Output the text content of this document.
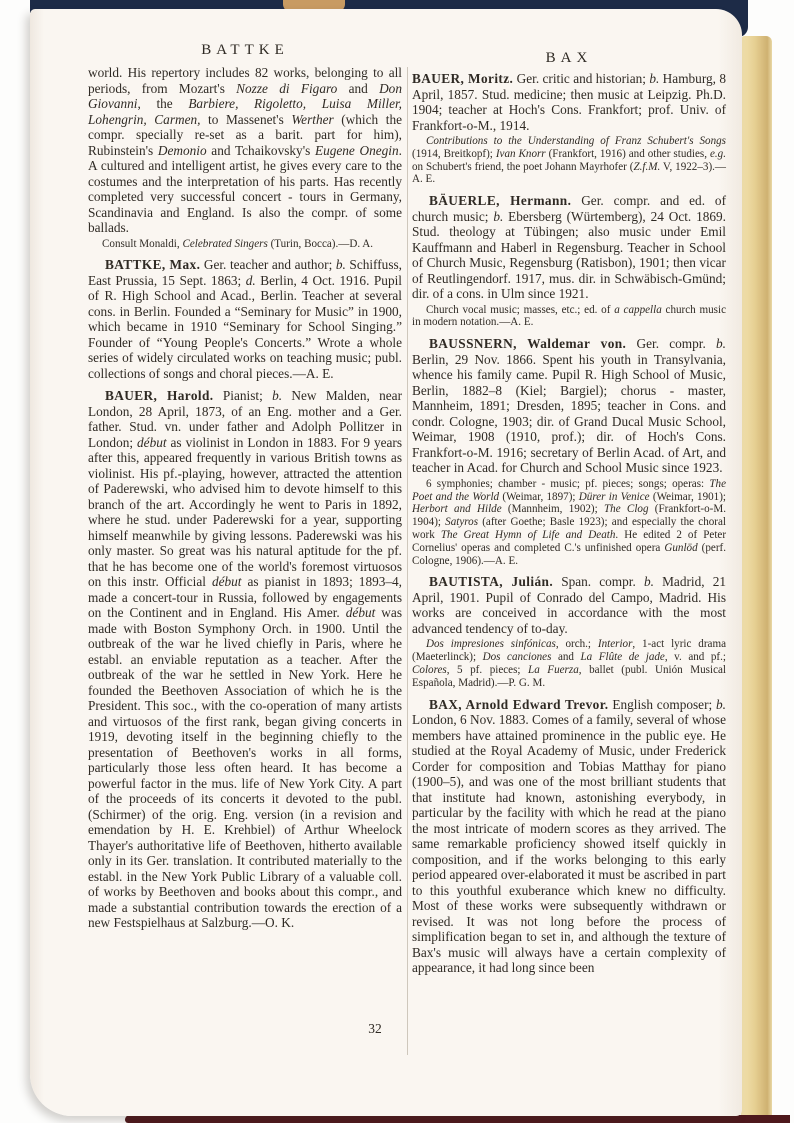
BATTKE	BAX

world. His repertory includes 82 works, belonging to all periods, from Mozart's Nozze di Figaro and Don Giovanni, the Barbiere, Rigoletto, Luisa Miller, Lohengrin, Carmen, to Massenet's Werther (which the compr. specially re-set as a barit. part for him), Rubinstein's Demonio and Tchaikovsky's Eugene Onegin. A cultured and intelligent artist, he gives every care to the costumes and the interpretation of his parts. Has recently completed very successful concert - tours in Germany, Scandinavia and England. Is also the compr. of some ballads.

Consult Monaldi, Celebrated Singers (Turin, Bocca).—D. A.

BATTKE, Max. Ger. teacher and author; b. Schiffuss, East Prussia, 15 Sept. 1863; d. Berlin, 4 Oct. 1916. Pupil of R. High School and Acad., Berlin. Teacher at several cons. in Berlin. Founded a “Seminary for Music” in 1900, which became in 1910 “Seminary for School Singing.” Founder of “Young People's Concerts.” Wrote a whole series of widely circulated works on teaching music; publ. collections of songs and choral pieces.—A. E.

BAUER, Harold. Pianist; b. New Malden, near London, 28 April, 1873, of an Eng. mother and a Ger. father. Stud. vn. under father and Adolph Pollitzer in London; début as violinist in London in 1883. For 9 years after this, appeared frequently in various British towns as violinist. His pf.-playing, however, attracted the attention of Paderewski, who advised him to devote himself to this branch of the art. Accordingly he went to Paris in 1892, where he stud. under Paderewski for a year, supporting himself meanwhile by giving lessons. Paderewski was his only master. So great was his natural aptitude for the pf. that he has become one of the world's foremost virtuosos on this instr. Official début as pianist in 1893; 1893–4, made a concert-tour in Russia, followed by engagements on the Continent and in England. His Amer. début was made with Boston Symphony Orch. in 1900. Until the outbreak of the war he lived chiefly in Paris, where he establ. an enviable reputation as a teacher. After the outbreak of the war he settled in New York. Here he founded the Beethoven Association of which he is the President. This soc., with the co-operation of many artists and virtuosos of the first rank, began giving concerts in 1919, devoting itself in the beginning chiefly to the presentation of Beethoven's works in all forms, particularly those less often heard. It has become a powerful factor in the mus. life of New York City. A part of the proceeds of its concerts it devoted to the publ. (Schirmer) of the orig. Eng. version (in a revision and emendation by H. E. Krehbiel) of Arthur Wheelock Thayer's authoritative life of Beethoven, hitherto available only in its Ger. translation. It contributed materially to the establ. in the New York Public Library of a valuable coll. of works by Beethoven and books about this compr., and made a substantial contribution towards the erection of a new Festspielhaus at Salzburg.—O. K.

BAUER, Moritz. Ger. critic and historian; b. Hamburg, 8 April, 1857. Stud. medicine; then music at Leipzig. Ph.D. 1904; teacher at Hoch's Cons. Frankfort; prof. Univ. of Frankfort-o-M., 1914.

Contributions to the Understanding of Franz Schubert's Songs (1914, Breitkopf); Ivan Knorr (Frankfort, 1916) and other studies, e.g. on Schubert's friend, the poet Johann Mayrhofer (Z.f.M. V, 1922–3).—A. E.

BÄUERLE, Hermann. Ger. compr. and ed. of church music; b. Ebersberg (Würtemberg), 24 Oct. 1869. Stud. theology at Tübingen; also music under Emil Kauffmann and Haberl in Regensburg. Teacher in School of Church Music, Regensburg (Ratisbon), 1901; then vicar of Reutlingendorf. 1917, mus. dir. in Schwäbisch-Gmünd; dir. of a cons. in Ulm since 1921.

Church vocal music; masses, etc.; ed. of a cappella church music in modern notation.—A. E.

BAUSSNERN, Waldemar von. Ger. compr. b. Berlin, 29 Nov. 1866. Spent his youth in Transylvania, whence his family came. Pupil R. High School of Music, Berlin, 1882–8 (Kiel; Bargiel); chorus - master, Mannheim, 1891; Dresden, 1895; teacher in Cons. and condr. Cologne, 1903; dir. of Grand Ducal Music School, Weimar, 1908 (1910, prof.); dir. of Hoch's Cons. Frankfort-o-M. 1916; secretary of Berlin Acad. of Art, and teacher in Acad. for Church and School Music since 1923.

6 symphonies; chamber - music; pf. pieces; songs; operas: The Poet and the World (Weimar, 1897); Dürer in Venice (Weimar, 1901); Herbort and Hilde (Mannheim, 1902); The Clog (Frankfort-o-M. 1904); Satyros (after Goethe; Basle 1923); and especially the choral work The Great Hymn of Life and Death. He edited 2 of Peter Cornelius' operas and completed C.'s unfinished opera Gunlöd (perf. Cologne, 1906).—A. E.

BAUTISTA, Julián. Span. compr. b. Madrid, 21 April, 1901. Pupil of Conrado del Campo, Madrid. His works are conceived in accordance with the most advanced tendency of to-day.

Dos impresiones sinfónicas, orch.; Interior, 1-act lyric drama (Maeterlinck); Dos canciones and La Flûte de jade, v. and pf.; Colores, 5 pf. pieces; La Fuerza, ballet (publ. Unión Musical Española, Madrid).—P. G. M.

BAX, Arnold Edward Trevor. English composer; b. London, 6 Nov. 1883. Comes of a family, several of whose members have attained prominence in the public eye. He studied at the Royal Academy of Music, under Frederick Corder for composition and Tobias Matthay for piano (1900–5), and was one of the most brilliant students that that institute had known, astonishing everybody, in particular by the facility with which he read at the piano the most intricate of modern scores as they arrived. The same remarkable proficiency showed itself quickly in composition, and if the works belonging to this early period appeared over-elaborated it must be ascribed in part to this youthful exuberance which knew no difficulty. Most of these works were subsequently withdrawn or revised. It was not long before the process of simplification began to set in, and although the texture of Bax's music will always have a certain complexity of appearance, it had long since been

32
